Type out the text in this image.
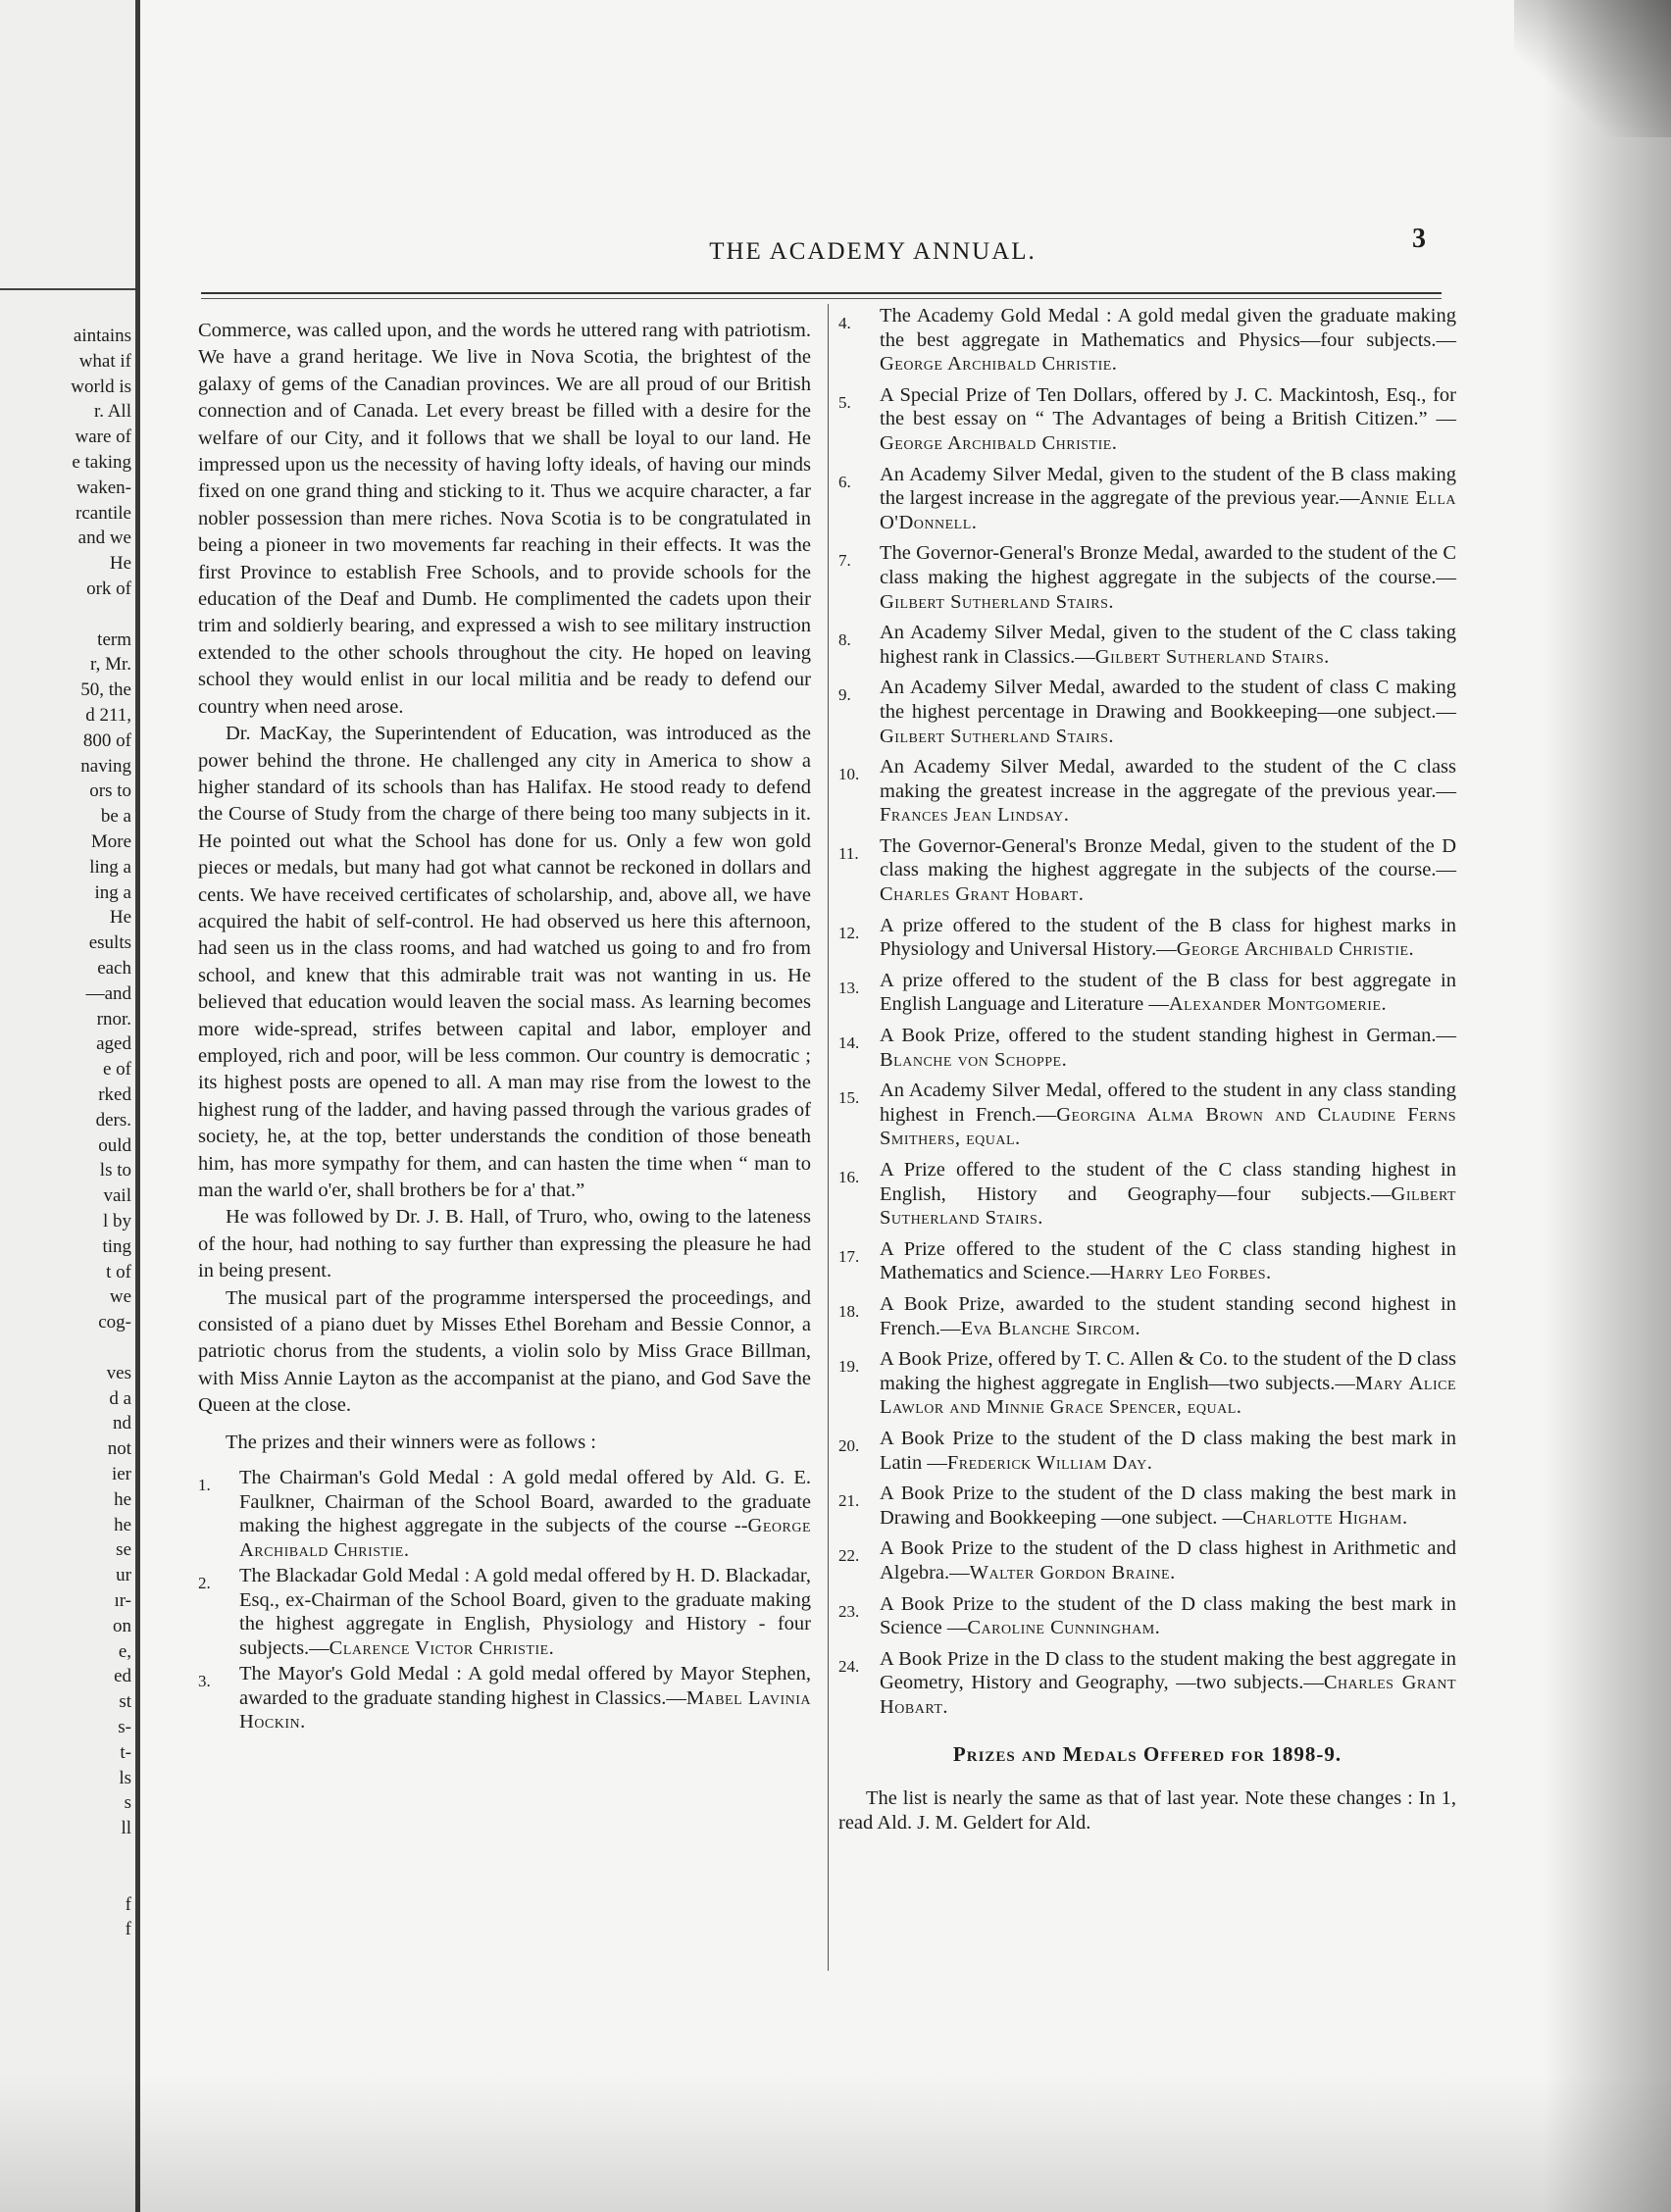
aintains
what if
world is
r. All
ware of
e taking
waken-
rcantile
and we
He
ork of
term
r, Mr.
50, the
d 211,
800 of
naving
ors to
be a
More
ling a
ing a
He
esults
each
—and
rnor.
aged
e of
rked
ders.
ould
ls to
vail
l by
ting
t of
we
cog-
ves
d a
nd
not
ier
he
he
se
ur
ır-
on
e,
ed
st
s-
t-
ls
s
ll
f
f
THE ACADEMY ANNUAL.	3

Commerce, was called upon, and the words he uttered rang with patriotism. We have a grand heritage. We live in Nova Scotia, the brightest of the galaxy of gems of the Canadian provinces. We are all proud of our British connection and of Canada. Let every breast be filled with a desire for the welfare of our City, and it follows that we shall be loyal to our land. He impressed upon us the necessity of having lofty ideals, of having our minds fixed on one grand thing and sticking to it. Thus we acquire character, a far nobler possession than mere riches. Nova Scotia is to be congratulated in being a pioneer in two movements far reaching in their effects. It was the first Province to establish Free Schools, and to provide schools for the education of the Deaf and Dumb. He complimented the cadets upon their trim and soldierly bearing, and expressed a wish to see military instruction extended to the other schools throughout the city. He hoped on leaving school they would enlist in our local militia and be ready to defend our country when need arose.

Dr. MacKay, the Superintendent of Education, was introduced as the power behind the throne. He challenged any city in America to show a higher standard of its schools than has Halifax. He stood ready to defend the Course of Study from the charge of there being too many subjects in it. He pointed out what the School has done for us. Only a few won gold pieces or medals, but many had got what cannot be reckoned in dollars and cents. We have received certificates of scholarship, and, above all, we have acquired the habit of self-control. He had observed us here this afternoon, had seen us in the class rooms, and had watched us going to and fro from school, and knew that this admirable trait was not wanting in us. He believed that education would leaven the social mass. As learning becomes more wide-spread, strifes between capital and labor, employer and employed, rich and poor, will be less common. Our country is democratic ; its highest posts are opened to all. A man may rise from the lowest to the highest rung of the ladder, and having passed through the various grades of society, he, at the top, better understands the condition of those beneath him, has more sympathy for them, and can hasten the time when “ man to man the warld o'er, shall brothers be for a' that.”

He was followed by Dr. J. B. Hall, of Truro, who, owing to the lateness of the hour, had nothing to say further than expressing the pleasure he had in being present.

The musical part of the programme interspersed the proceedings, and consisted of a piano duet by Misses Ethel Boreham and Bessie Connor, a patriotic chorus from the students, a violin solo by Miss Grace Billman, with Miss Annie Layton as the accompanist at the piano, and God Save the Queen at the close.

The prizes and their winners were as follows :

1. The Chairman's Gold Medal : A gold medal offered by Ald. G. E. Faulkner, Chairman of the School Board, awarded to the graduate making the highest aggregate in the subjects of the course --George Archibald Christie.
2. The Blackadar Gold Medal : A gold medal offered by H. D. Blackadar, Esq., ex-Chairman of the School Board, given to the graduate making the highest aggregate in English, Physiology and History - four subjects.—Clarence Victor Christie.
3. The Mayor's Gold Medal : A gold medal offered by Mayor Stephen, awarded to the graduate standing highest in Classics.—Mabel Lavinia Hockin.
4. The Academy Gold Medal : A gold medal given the graduate making the best aggregate in Mathematics and Physics—four subjects.—George Archibald Christie.
5. A Special Prize of Ten Dollars, offered by J. C. Mackintosh, Esq., for the best essay on “ The Advantages of being a British Citizen.” —George Archibald Christie.
6. An Academy Silver Medal, given to the student of the B class making the largest increase in the aggregate of the previous year.—Annie Ella O'Donnell.
7. The Governor-General's Bronze Medal, awarded to the student of the C class making the highest aggregate in the subjects of the course.—Gilbert Sutherland Stairs.
8. An Academy Silver Medal, given to the student of the C class taking highest rank in Classics.—Gilbert Sutherland Stairs.
9. An Academy Silver Medal, awarded to the student of class C making the highest percentage in Drawing and Bookkeeping—one subject.—Gilbert Sutherland Stairs.
10. An Academy Silver Medal, awarded to the student of the C class making the greatest increase in the aggregate of the previous year.—Frances Jean Lindsay.
11. The Governor-General's Bronze Medal, given to the student of the D class making the highest aggregate in the subjects of the course.—Charles Grant Hobart.
12. A prize offered to the student of the B class for highest marks in Physiology and Universal History.—George Archibald Christie.
13. A prize offered to the student of the B class for best aggregate in English Language and Literature —Alexander Montgomerie.
14. A Book Prize, offered to the student standing highest in German.—Blanche von Schoppe.
15. An Academy Silver Medal, offered to the student in any class standing highest in French.—Georgina Alma Brown and Claudine Ferns Smithers, equal.
16. A Prize offered to the student of the C class standing highest in English, History and Geography—four subjects.—Gilbert Sutherland Stairs.
17. A Prize offered to the student of the C class standing highest in Mathematics and Science.—Harry Leo Forbes.
18. A Book Prize, awarded to the student standing second highest in French.—Eva Blanche Sircom.
19. A Book Prize, offered by T. C. Allen & Co. to the student of the D class making the highest aggregate in English—two subjects.—Mary Alice Lawlor and Minnie Grace Spencer, equal.
20. A Book Prize to the student of the D class making the best mark in Latin —Frederick William Day.
21. A Book Prize to the student of the D class making the best mark in Drawing and Bookkeeping —one subject. —Charlotte Higham.
22. A Book Prize to the student of the D class highest in Arithmetic and Algebra.—Walter Gordon Braine.
23. A Book Prize to the student of the D class making the best mark in Science —Caroline Cunningham.
24. A Book Prize in the D class to the student making the best aggregate in Geometry, History and Geography, —two subjects.—Charles Grant Hobart.
Prizes and Medals Offered for 1898-9.

The list is nearly the same as that of last year. Note these changes : In 1, read Ald. J. M. Geldert for Ald.
